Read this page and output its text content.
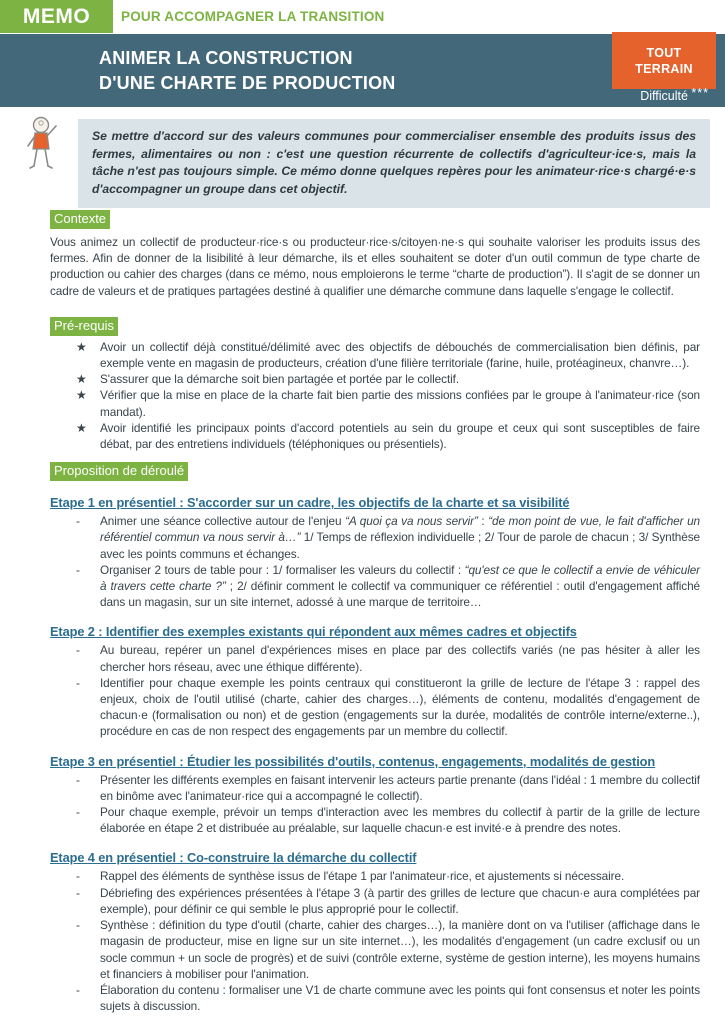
MEMO	POUR ACCOMPAGNER LA TRANSITION
ANIMER LA CONSTRUCTION
D'UNE CHARTE DE PRODUCTION
TOUT
TERRAIN
Difficulté ***

Se mettre d'accord sur des valeurs communes pour commercialiser ensemble des produits issus des fermes, alimentaires ou non : c'est une question récurrente de collectifs d'agriculteur·ice·s, mais la tâche n'est pas toujours simple. Ce mémo donne quelques repères pour les animateur·rice·s chargé·e·s d'accompagner un groupe dans cet objectif.

Contexte

Vous animez un collectif de producteur·rice·s ou producteur·rice·s/citoyen·ne·s qui souhaite valoriser les produits issus des fermes. Afin de donner de la lisibilité à leur démarche, ils et elles souhaitent se doter d'un outil commun de type charte de production ou cahier des charges (dans ce mémo, nous emploierons le terme “charte de production”). Il s'agit de se donner un cadre de valeurs et de pratiques partagées destiné à qualifier une démarche commune dans laquelle s'engage le collectif.

Pré-requis
★	Avoir un collectif déjà constitué/délimité avec des objectifs de débouchés de commercialisation bien définis, par exemple vente en magasin de producteurs, création d'une filière territoriale (farine, huile, protéagineux, chanvre…).
★	S'assurer que la démarche soit bien partagée et portée par le collectif.
★	Vérifier que la mise en place de la charte fait bien partie des missions confiées par le groupe à l'animateur·rice (son mandat).
★	Avoir identifié les principaux points d'accord potentiels au sein du groupe et ceux qui sont susceptibles de faire débat, par des entretiens individuels (téléphoniques ou présentiels).
Proposition de déroulé
Etape 1 en présentiel : S'accorder sur un cadre, les objectifs de la charte et sa visibilité
-	Animer une séance collective autour de l'enjeu “A quoi ça va nous servir” : “de mon point de vue, le fait d'afficher un référentiel commun va nous servir à…” 1/ Temps de réflexion individuelle ; 2/ Tour de parole de chacun ; 3/ Synthèse avec les points communs et échanges.
-	Organiser 2 tours de table pour : 1/ formaliser les valeurs du collectif : “qu'est ce que le collectif a envie de véhiculer à travers cette charte ?” ; 2/ définir comment le collectif va communiquer ce référentiel : outil d'engagement affiché dans un magasin, sur un site internet, adossé à une marque de territoire…
Etape 2 : Identifier des exemples existants qui répondent aux mêmes cadres et objectifs
-	Au bureau, repérer un panel d'expériences mises en place par des collectifs variés (ne pas hésiter à aller les chercher hors réseau, avec une éthique différente).
-	Identifier pour chaque exemple les points centraux qui constitueront la grille de lecture de l'étape 3 : rappel des enjeux, choix de l'outil utilisé (charte, cahier des charges…), éléments de contenu, modalités d'engagement de chacun·e (formalisation ou non) et de gestion (engagements sur la durée, modalités de contrôle interne/externe..), procédure en cas de non respect des engagements par un membre du collectif.
Etape 3 en présentiel : Étudier les possibilités d'outils, contenus, engagements, modalités de gestion
-	Présenter les différents exemples en faisant intervenir les acteurs partie prenante (dans l'idéal : 1 membre du collectif en binôme avec l'animateur·rice qui a accompagné le collectif).
-	Pour chaque exemple, prévoir un temps d'interaction avec les membres du collectif à partir de la grille de lecture élaborée en étape 2 et distribuée au préalable, sur laquelle chacun·e est invité·e à prendre des notes.
Etape 4 en présentiel : Co-construire la démarche du collectif
-	Rappel des éléments de synthèse issus de l'étape 1 par l'animateur·rice, et ajustements si nécessaire.
-	Débriefing des expériences présentées à l'étape 3 (à partir des grilles de lecture que chacun·e aura complétées par exemple), pour définir ce qui semble le plus approprié pour le collectif.
-	Synthèse : définition du type d'outil (charte, cahier des charges…), la manière dont on va l'utiliser (affichage dans le magasin de producteur, mise en ligne sur un site internet…), les modalités d'engagement (un cadre exclusif ou un socle commun + un socle de progrès) et de suivi (contrôle externe, système de gestion interne), les moyens humains et financiers à mobiliser pour l'animation.
-	Élaboration du contenu : formaliser une V1 de charte commune avec les points qui font consensus et noter les points sujets à discussion.
